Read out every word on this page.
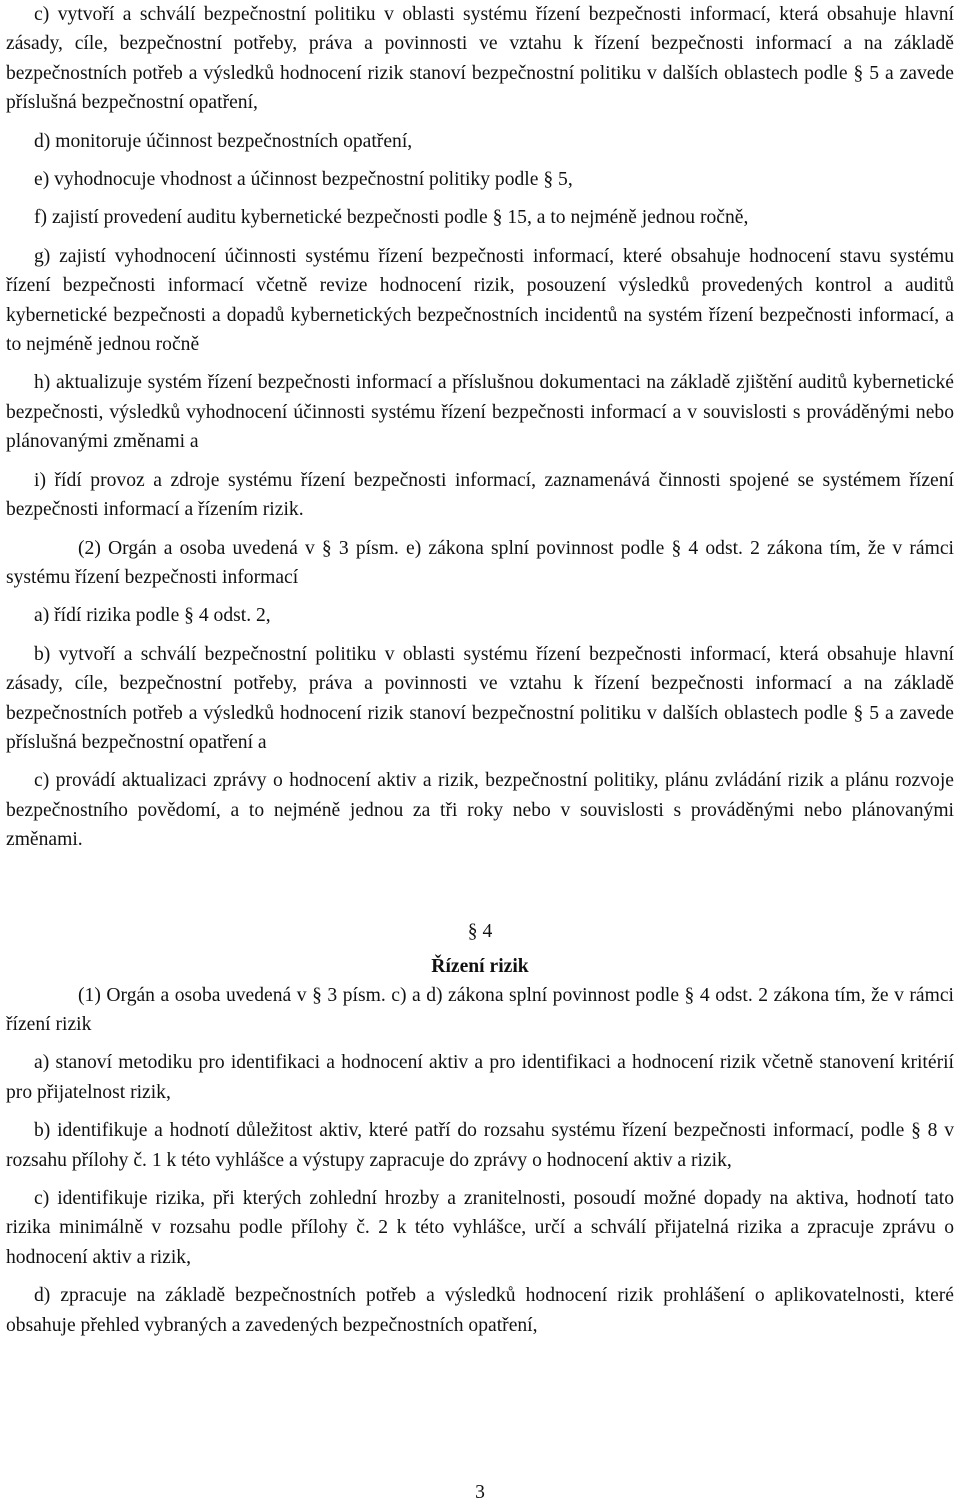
c) vytvoří a schválí bezpečnostní politiku v oblasti systému řízení bezpečnosti informací, která obsahuje hlavní zásady, cíle, bezpečnostní potřeby, práva a povinnosti ve vztahu k řízení bezpečnosti informací a na základě bezpečnostních potřeb a výsledků hodnocení rizik stanoví bezpečnostní politiku v dalších oblastech podle § 5 a zavede příslušná bezpečnostní opatření,

d) monitoruje účinnost bezpečnostních opatření,

e) vyhodnocuje vhodnost a účinnost bezpečnostní politiky podle § 5,

f) zajistí provedení auditu kybernetické bezpečnosti podle § 15, a to nejméně jednou ročně,

g) zajistí vyhodnocení účinnosti systému řízení bezpečnosti informací, které obsahuje hodnocení stavu systému řízení bezpečnosti informací včetně revize hodnocení rizik, posouzení výsledků provedených kontrol a auditů kybernetické bezpečnosti a dopadů kybernetických bezpečnostních incidentů na systém řízení bezpečnosti informací, a to nejméně jednou ročně

h) aktualizuje systém řízení bezpečnosti informací a příslušnou dokumentaci na základě zjištění auditů kybernetické bezpečnosti, výsledků vyhodnocení účinnosti systému řízení bezpečnosti informací a v souvislosti s prováděnými nebo plánovanými změnami a

i) řídí provoz a zdroje systému řízení bezpečnosti informací, zaznamenává činnosti spojené se systémem řízení bezpečnosti informací a řízením rizik.

(2) Orgán a osoba uvedená v § 3 písm. e) zákona splní povinnost podle § 4 odst. 2 zákona tím, že v rámci systému řízení bezpečnosti informací

a) řídí rizika podle § 4 odst. 2,

b) vytvoří a schválí bezpečnostní politiku v oblasti systému řízení bezpečnosti informací, která obsahuje hlavní zásady, cíle, bezpečnostní potřeby, práva a povinnosti ve vztahu k řízení bezpečnosti informací a na základě bezpečnostních potřeb a výsledků hodnocení rizik stanoví bezpečnostní politiku v dalších oblastech podle § 5 a zavede příslušná bezpečnostní opatření a

c) provádí aktualizaci zprávy o hodnocení aktiv a rizik, bezpečnostní politiky, plánu zvládání rizik a plánu rozvoje bezpečnostního povědomí, a to nejméně jednou za tři roky nebo v souvislosti s prováděnými nebo plánovanými změnami.

§ 4
Řízení rizik

(1) Orgán a osoba uvedená v § 3 písm. c) a d) zákona splní povinnost podle § 4 odst. 2 zákona tím, že v rámci řízení rizik

a) stanoví metodiku pro identifikaci a hodnocení aktiv a pro identifikaci a hodnocení rizik včetně stanovení kritérií pro přijatelnost rizik,

b) identifikuje a hodnotí důležitost aktiv, které patří do rozsahu systému řízení bezpečnosti informací, podle § 8 v rozsahu přílohy č. 1 k této vyhlášce a výstupy zapracuje do zprávy o hodnocení aktiv a rizik,

c) identifikuje rizika, při kterých zohlední hrozby a zranitelnosti, posoudí možné dopady na aktiva, hodnotí tato rizika minimálně v rozsahu podle přílohy č. 2 k této vyhlášce, určí a schválí přijatelná rizika a zpracuje zprávu o hodnocení aktiv a rizik,

d) zpracuje na základě bezpečnostních potřeb a výsledků hodnocení rizik prohlášení o aplikovatelnosti, které obsahuje přehled vybraných a zavedených bezpečnostních opatření,

3
